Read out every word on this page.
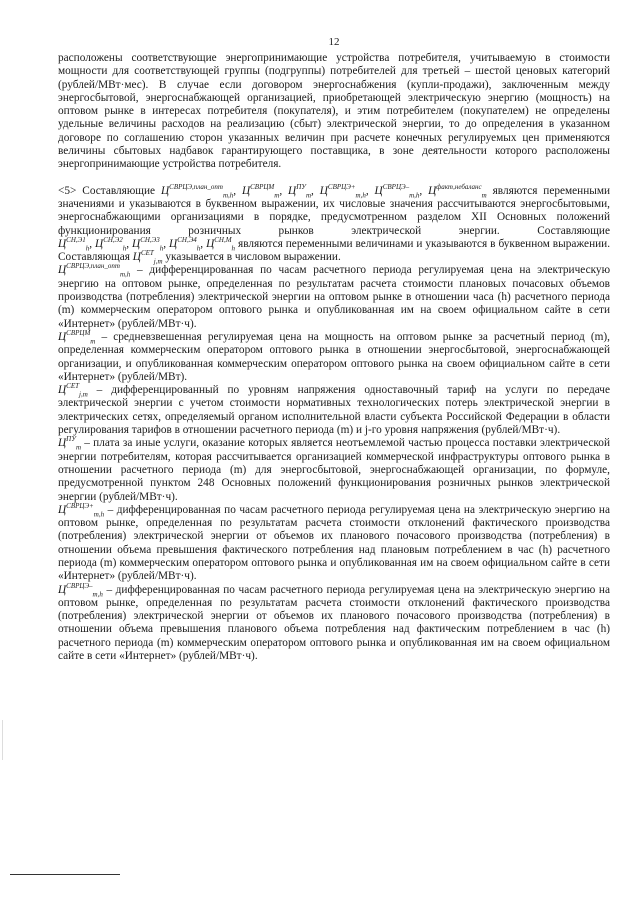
12

расположены соответствующие энергопринимающие устройства потребителя, учитываемую в стоимости мощности для соответствующей группы (подгруппы) потребителей для третьей – шестой ценовых категорий (рублей/МВт·мес). В случае если договором энергоснабжения (купли-продажи), заключенным между энергосбытовой, энергоснабжающей организацией, приобретающей электрическую энергию (мощность) на оптовом рынке в интересах потребителя (покупателя), и этим потребителем (покупателем) не определены удельные величины расходов на реализацию (сбыт) электрической энергии, то до определения в указанном договоре по соглашению сторон указанных величин при расчете конечных регулируемых цен применяются величины сбытовых надбавок гарантирующего поставщика, в зоне деятельности которого расположены энергопринимающие устройства потребителя.

<5> Составляющие $Ц^{СВРЦЭ,план\_опт}_{m,h}$, $Ц^{СВРЦМ}_m$, $Ц^{ПУ}_m$, $Ц^{СВРЦЭ+}_{m,h}$, $Ц^{СВРЦЭ-}_{m,h}$, $Ц^{факт,небаланс}_m$ являются переменными значениями и указываются в буквенном выражении, их числовые значения рассчитываются энергосбытовыми, энергоснабжающими организациями в порядке, предусмотренном разделом XII Основных положений функционирования розничных рынков электрической энергии. Составляющие $Ц^{СН,Э1}_h$, $Ц^{СН,Э2}_h$, $Ц^{СН,Э3}_h$, $Ц^{СН,Э4}_h$, $Ц^{СН,М}_h$ являются переменными величинами и указываются в буквенном выражении. Составляющая $Ц^{СЕТ}_{j,m}$ указывается в числовом выражении.

$Ц^{СВРЦЭ,план\_опт}_{m,h}$ – дифференцированная по часам расчетного периода регулируемая цена на электрическую энергию на оптовом рынке, определенная по результатам расчета стоимости плановых почасовых объемов производства (потребления) электрической энергии на оптовом рынке в отношении часа (h) расчетного периода (m) коммерческим оператором оптового рынка и опубликованная им на своем официальном сайте в сети «Интернет» (рублей/МВт·ч).

$Ц^{СВРЦМ}_m$ – средневзвешенная регулируемая цена на мощность на оптовом рынке за расчетный период (m), определенная коммерческим оператором оптового рынка в отношении энергосбытовой, энергоснабжающей организации, и опубликованная коммерческим оператором оптового рынка на своем официальном сайте в сети «Интернет» (рублей/МВт).

$Ц^{СЕТ}_{j,m}$ – дифференцированный по уровням напряжения одноставочный тариф на услуги по передаче электрической энергии с учетом стоимости нормативных технологических потерь электрической энергии в электрических сетях, определяемый органом исполнительной власти субъекта Российской Федерации в области регулирования тарифов в отношении расчетного периода (m) и j-го уровня напряжения (рублей/МВт·ч).

$Ц^{ПУ}_m$ – плата за иные услуги, оказание которых является неотъемлемой частью процесса поставки электрической энергии потребителям, которая рассчитывается организацией коммерческой инфраструктуры оптового рынка в отношении расчетного периода (m) для энергосбытовой, энергоснабжающей организации, по формуле, предусмотренной пунктом 248 Основных положений функционирования розничных рынков электрической энергии (рублей/МВт·ч).

$Ц^{СВРЦЭ+}_{m,h}$ – дифференцированная по часам расчетного периода регулируемая цена на электрическую энергию на оптовом рынке, определенная по результатам расчета стоимости отклонений фактического производства (потребления) электрической энергии от объемов их планового почасового производства (потребления) в отношении объема превышения фактического потребления над плановым потреблением в час (h) расчетного периода (m) коммерческим оператором оптового рынка и опубликованная им на своем официальном сайте в сети «Интернет» (рублей/МВт·ч).

$Ц^{СВРЦЭ-}_{m,h}$ – дифференцированная по часам расчетного периода регулируемая цена на электрическую энергию на оптовом рынке, определенная по результатам расчета стоимости отклонений фактического производства (потребления) электрической энергии от объемов их планового почасового производства (потребления) в отношении объема превышения планового объема потребления над фактическим потреблением в час (h) расчетного периода (m) коммерческим оператором оптового рынка и опубликованная им на своем официальном сайте в сети «Интернет» (рублей/МВт·ч).
